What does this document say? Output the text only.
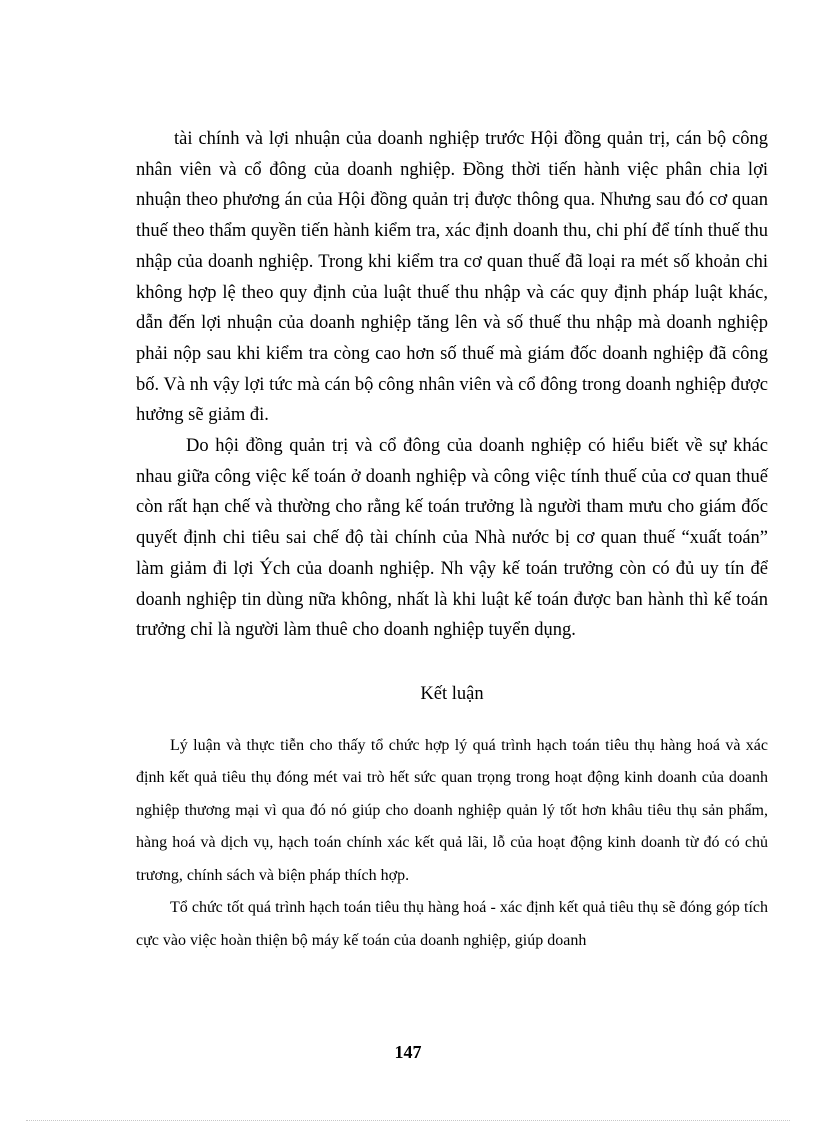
tài chính và lợi nhuận của doanh nghiệp trước Hội đồng quản trị, cán bộ công nhân viên và cổ đông của doanh nghiệp. Đồng thời tiến hành việc phân chia lợi nhuận theo phương án của Hội đồng quản trị được thông qua. Nhưng sau đó cơ quan thuế theo thẩm quyền tiến hành kiểm tra, xác định doanh thu, chi phí để tính thuế thu nhập của doanh nghiệp. Trong khi kiểm tra cơ quan thuế đã loại ra mét số khoản chi không hợp lệ theo quy định của luật thuế thu nhập và các quy định pháp luật khác, dẫn đến lợi nhuận của doanh nghiệp tăng lên và số thuế thu nhập mà doanh nghiệp phải nộp sau khi kiểm tra còng cao hơn số thuế mà giám đốc doanh nghiệp đã công bố. Và nh vậy lợi tức mà cán bộ công nhân viên và cổ đông trong doanh nghiệp được hưởng sẽ giảm đi.

Do hội đồng quản trị và cổ đông của doanh nghiệp có hiểu biết về sự khác nhau giữa công việc kế toán ở doanh nghiệp và công việc tính thuế của cơ quan thuế còn rất hạn chế và thường cho rằng kế toán trưởng là người tham mưu cho giám đốc quyết định chi tiêu sai chế độ tài chính của Nhà nước bị cơ quan thuế “xuất toán” làm giảm đi lợi Ých của doanh nghiệp. Nh vậy kế toán trưởng còn có đủ uy tín để doanh nghiệp tin dùng nữa không, nhất là khi luật kế toán được ban hành thì kế toán trưởng chỉ là người làm thuê cho doanh nghiệp tuyển dụng.

Kết luận

Lý luận và thực tiễn cho thấy tổ chức hợp lý quá trình hạch toán tiêu thụ hàng hoá và xác định kết quả tiêu thụ đóng mét vai trò hết sức quan trọng trong hoạt động kinh doanh của doanh nghiệp thương mại vì qua đó nó giúp cho doanh nghiệp quản lý tốt hơn khâu tiêu thụ sản phẩm, hàng hoá và dịch vụ, hạch toán chính xác kết quả lãi, lỗ của hoạt động kinh doanh từ đó có chủ trương, chính sách và biện pháp thích hợp.

Tổ chức tốt quá trình hạch toán tiêu thụ hàng hoá - xác định kết quả tiêu thụ sẽ đóng góp tích cực vào việc hoàn thiện bộ máy kế toán của doanh nghiệp, giúp doanh

147
